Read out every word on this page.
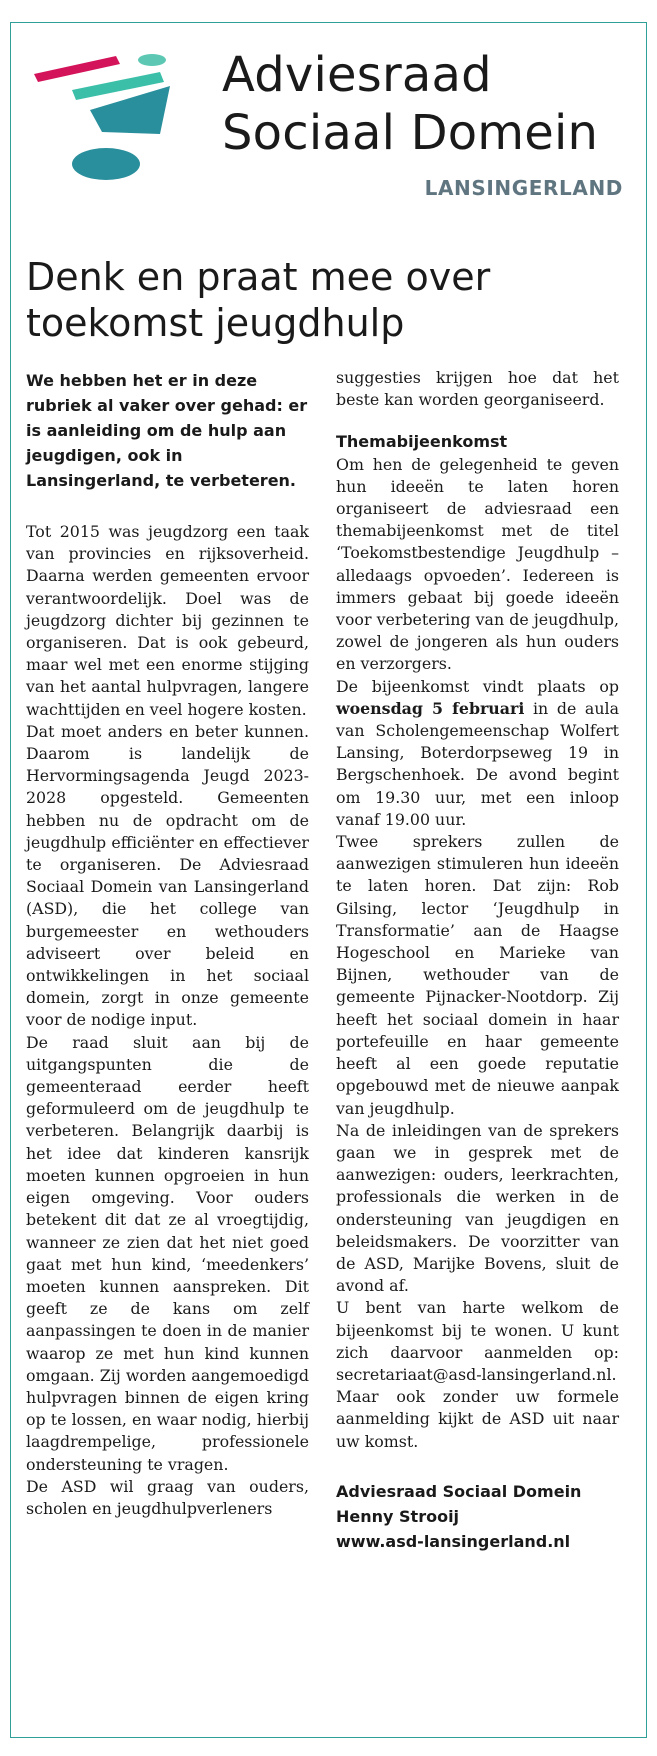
Adviesraad
Sociaal Domein
LANSINGERLAND
Denk en praat mee over toekomst jeugdhulp

We hebben het er in deze rubriek al vaker over gehad: er is aanleiding om de hulp aan jeugdigen, ook in Lansingerland, te verbeteren.

Tot 2015 was jeugdzorg een taak van provincies en rijksoverheid. Daarna werden gemeenten ervoor verantwoordelijk. Doel was de jeugdzorg dichter bij gezinnen te organiseren. Dat is ook gebeurd, maar wel met een enorme stijging van het aantal hulpvragen, langere wachttijden en veel hogere kosten.

Dat moet anders en beter kunnen. Daarom is landelijk de Hervormingsagenda Jeugd 2023-2028 opgesteld. Gemeenten hebben nu de opdracht om de jeugdhulp efficiënter en effectiever te organiseren. De Adviesraad Sociaal Domein van Lansingerland (ASD), die het college van burgemeester en wethouders adviseert over beleid en ontwikkelingen in het sociaal domein, zorgt in onze gemeente voor de nodige input.

De raad sluit aan bij de uitgangspunten die de gemeenteraad eerder heeft geformuleerd om de jeugdhulp te verbeteren. Belangrijk daarbij is het idee dat kinderen kansrijk moeten kunnen opgroeien in hun eigen omgeving. Voor ouders betekent dit dat ze al vroegtijdig, wanneer ze zien dat het niet goed gaat met hun kind, ‘meedenkers’ moeten kunnen aanspreken. Dit geeft ze de kans om zelf aanpassingen te doen in de manier waarop ze met hun kind kunnen omgaan. Zij worden aangemoedigd hulpvragen binnen de eigen kring op te lossen, en waar nodig, hierbij laagdrempelige, professionele ondersteuning te vragen.

De ASD wil graag van ouders, scholen en jeugdhulpverleners

suggesties krijgen hoe dat het beste kan worden georganiseerd.

Themabijeenkomst

Om hen de gelegenheid te geven hun ideeën te laten horen organiseert de adviesraad een themabijeenkomst met de titel ‘Toekomstbestendige Jeugdhulp – alledaags opvoeden’. Iedereen is immers gebaat bij goede ideeën voor verbetering van de jeugdhulp, zowel de jongeren als hun ouders en verzorgers.

De bijeenkomst vindt plaats op woensdag 5 februari in de aula van Scholengemeenschap Wolfert Lansing, Boterdorpseweg 19 in Bergschenhoek. De avond begint om 19.30 uur, met een inloop vanaf 19.00 uur.

Twee sprekers zullen de aanwezigen stimuleren hun ideeën te laten horen. Dat zijn: Rob Gilsing, lector ‘Jeugdhulp in Transformatie’ aan de Haagse Hogeschool en Marieke van Bijnen, wethouder van de gemeente Pijnacker-Nootdorp. Zij heeft het sociaal domein in haar portefeuille en haar gemeente heeft al een goede reputatie opgebouwd met de nieuwe aanpak van jeugdhulp.

Na de inleidingen van de sprekers gaan we in gesprek met de aanwezigen: ouders, leerkrachten, professionals die werken in de ondersteuning van jeugdigen en beleidsmakers. De voorzitter van de ASD, Marijke Bovens, sluit de avond af.

U bent van harte welkom de bijeenkomst bij te wonen. U kunt zich daarvoor aanmelden op: secretariaat@asd-lansingerland.nl. Maar ook zonder uw formele aanmelding kijkt de ASD uit naar uw komst.

Adviesraad Sociaal Domein
Henny Strooij
www.asd-lansingerland.nl
